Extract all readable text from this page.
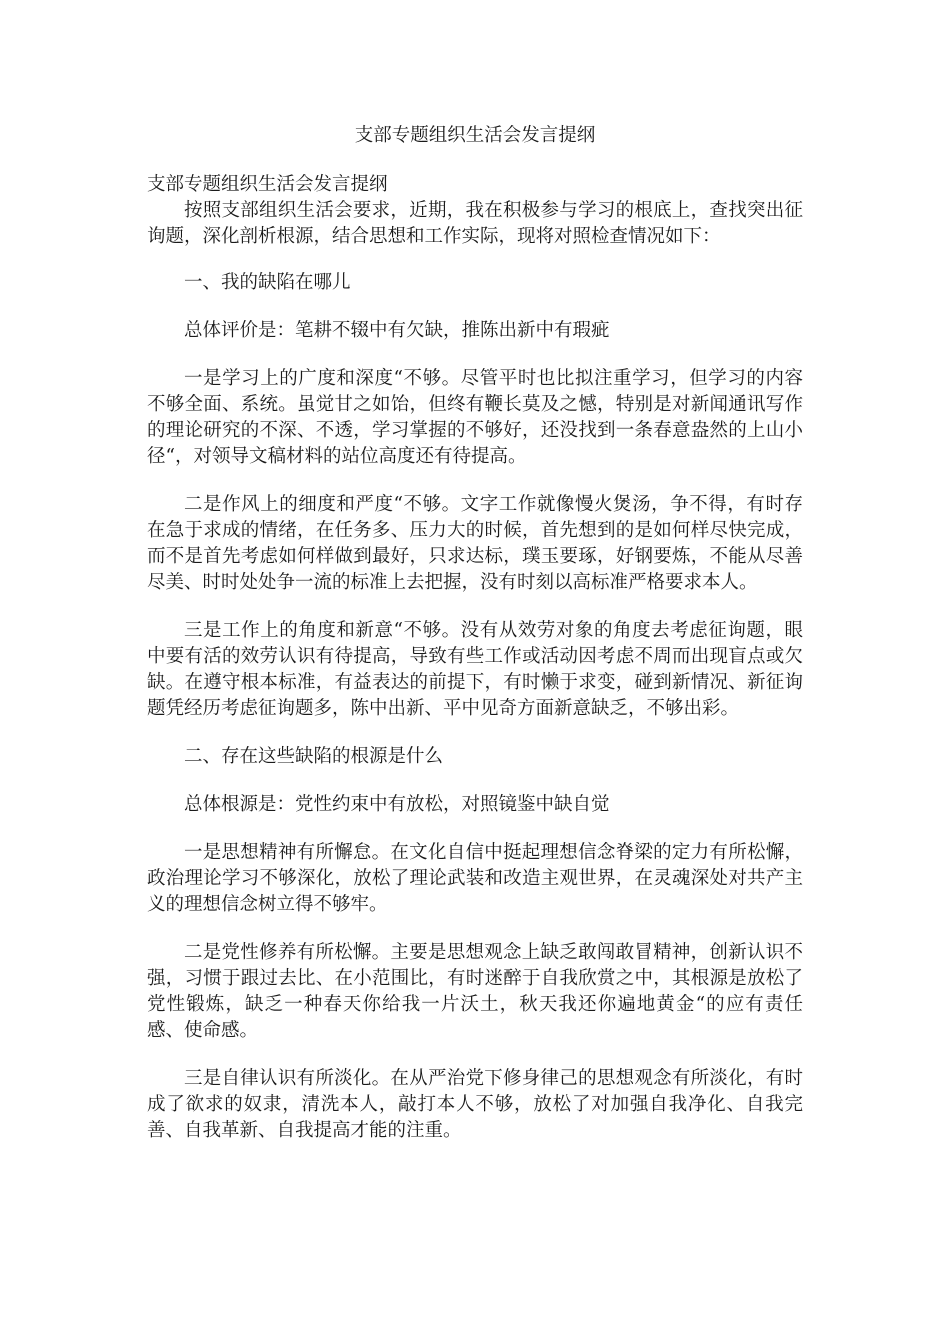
支部专题组织生活会发言提纲

支部专题组织生活会发言提纲

按照支部组织生活会要求，近期，我在积极参与学习的根底上，查找突出征询题，深化剖析根源，结合思想和工作实际，现将对照检查情况如下：

一、我的缺陷在哪儿

总体评价是：笔耕不辍中有欠缺，推陈出新中有瑕疵

一是学习上的广度和深度“不够。尽管平时也比拟注重学习，但学习的内容不够全面、系统。虽觉甘之如饴，但终有鞭长莫及之憾，特别是对新闻通讯写作的理论研究的不深、不透，学习掌握的不够好，还没找到一条春意盎然的上山小径“，对领导文稿材料的站位高度还有待提高。

二是作风上的细度和严度“不够。文字工作就像慢火煲汤，争不得，有时存在急于求成的情绪，在任务多、压力大的时候，首先想到的是如何样尽快完成，而不是首先考虑如何样做到最好，只求达标，璞玉要琢，好钢要炼，不能从尽善尽美、时时处处争一流的标准上去把握，没有时刻以高标准严格要求本人。

三是工作上的角度和新意“不够。没有从效劳对象的角度去考虑征询题，眼中要有活的效劳认识有待提高，导致有些工作或活动因考虑不周而出现盲点或欠缺。在遵守根本标准，有益表达的前提下，有时懒于求变，碰到新情况、新征询题凭经历考虑征询题多，陈中出新、平中见奇方面新意缺乏，不够出彩。

二、存在这些缺陷的根源是什么

总体根源是：党性约束中有放松，对照镜鉴中缺自觉

一是思想精神有所懈怠。在文化自信中挺起理想信念脊梁的定力有所松懈，政治理论学习不够深化，放松了理论武装和改造主观世界，在灵魂深处对共产主义的理想信念树立得不够牢。

二是党性修养有所松懈。主要是思想观念上缺乏敢闯敢冒精神，创新认识不强，习惯于跟过去比、在小范围比，有时迷醉于自我欣赏之中，其根源是放松了党性锻炼，缺乏一种春天你给我一片沃土，秋天我还你遍地黄金“的应有责任感、使命感。

三是自律认识有所淡化。在从严治党下修身律己的思想观念有所淡化，有时成了欲求的奴隶，清洗本人，敲打本人不够，放松了对加强自我净化、自我完善、自我革新、自我提高才能的注重。
